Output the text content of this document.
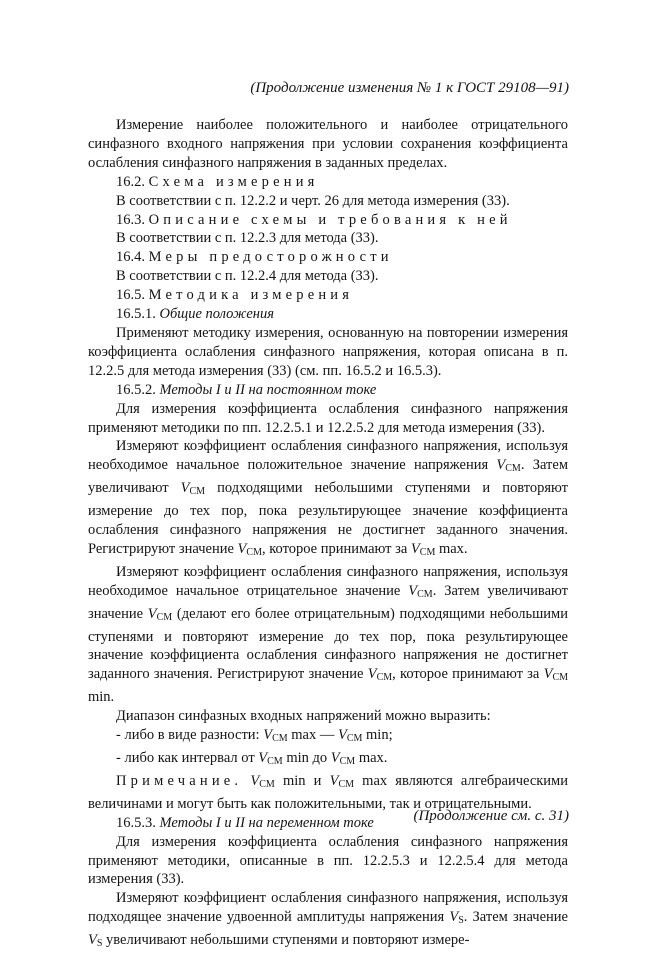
(Продолжение изменения № 1 к ГОСТ 29108—91)

Измерение наиболее положительного и наиболее отрицательного синфазного входного напряжения при условии сохранения коэффициента ослабления синфазного напряжения в заданных пределах.

16.2. Схема измерения

В соответствии с п. 12.2.2 и черт. 26 для метода измерения (33).

16.3. Описание схемы и требования к ней

В соответствии с п. 12.2.3 для метода (33).

16.4. Меры предосторожности

В соответствии с п. 12.2.4 для метода (33).

16.5. Методика измерения

16.5.1. Общие положения

Применяют методику измерения, основанную на повторении измерения коэффициента ослабления синфазного напряжения, которая описана в п. 12.2.5 для метода измерения (33) (см. пп. 16.5.2 и 16.5.3).

16.5.2. Методы I и II на постоянном токе

Для измерения коэффициента ослабления синфазного напряжения применяют методики по пп. 12.2.5.1 и 12.2.5.2 для метода измерения (33).

Измеряют коэффициент ослабления синфазного напряжения, используя необходимое начальное положительное значение напряжения $V_{CM}$. Затем увеличивают $V_{CM}$ подходящими небольшими ступенями и повторяют измерение до тех пор, пока результирующее значение коэффициента ослабления синфазного напряжения не достигнет заданного значения. Регистрируют значение $V_{CM}$, которое принимают за $V_{CM}$ max.

Измеряют коэффициент ослабления синфазного напряжения, используя необходимое начальное отрицательное значение $V_{CM}$. Затем увеличивают значение $V_{CM}$ (делают его более отрицательным) подходящими небольшими ступенями и повторяют измерение до тех пор, пока результирующее значение коэффициента ослабления синфазного напряжения не достигнет заданного значения. Регистрируют значение $V_{CM}$, которое принимают за $V_{CM}$ min.

Диапазон синфазных входных напряжений можно выразить:

- либо в виде разности: $V_{CM}$ max — $V_{CM}$ min;

- либо как интервал от $V_{CM}$ min до $V_{CM}$ max.

Примечание. $V_{CM}$ min и $V_{CM}$ max являются алгебраическими величинами и могут быть как положительными, так и отрицательными.

16.5.3. Методы I и II на переменном токе

Для измерения коэффициента ослабления синфазного напряжения применяют методики, описанные в пп. 12.2.5.3 и 12.2.5.4 для метода измерения (33).

Измеряют коэффициент ослабления синфазного напряжения, используя подходящее значение удвоенной амплитуды напряжения $V_S$. Затем значение $V_S$ увеличивают небольшими ступенями и повторяют измере-

(Продолжение см. с. 31)
